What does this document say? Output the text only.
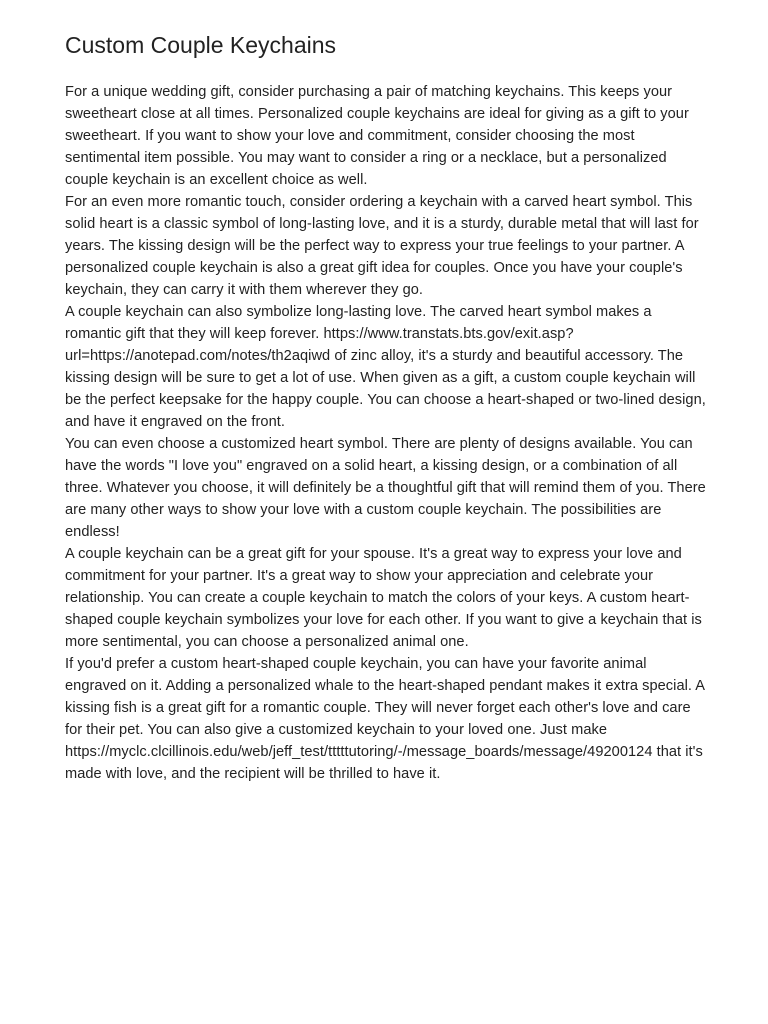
Custom Couple Keychains

For a unique wedding gift, consider purchasing a pair of matching keychains. This keeps your sweetheart close at all times. Personalized couple keychains are ideal for giving as a gift to your sweetheart. If you want to show your love and commitment, consider choosing the most sentimental item possible. You may want to consider a ring or a necklace, but a personalized couple keychain is an excellent choice as well.

For an even more romantic touch, consider ordering a keychain with a carved heart symbol. This solid heart is a classic symbol of long-lasting love, and it is a sturdy, durable metal that will last for years. The kissing design will be the perfect way to express your true feelings to your partner. A personalized couple keychain is also a great gift idea for couples. Once you have your couple's keychain, they can carry it with them wherever they go.

A couple keychain can also symbolize long-lasting love. The carved heart symbol makes a romantic gift that they will keep forever. https://www.transtats.bts.gov/exit.asp?url=https://anotepad.com/notes/th2aqiwd of zinc alloy, it's a sturdy and beautiful accessory. The kissing design will be sure to get a lot of use. When given as a gift, a custom couple keychain will be the perfect keepsake for the happy couple. You can choose a heart-shaped or two-lined design, and have it engraved on the front.

You can even choose a customized heart symbol. There are plenty of designs available. You can have the words "I love you" engraved on a solid heart, a kissing design, or a combination of all three. Whatever you choose, it will definitely be a thoughtful gift that will remind them of you. There are many other ways to show your love with a custom couple keychain. The possibilities are endless!

A couple keychain can be a great gift for your spouse. It's a great way to express your love and commitment for your partner. It's a great way to show your appreciation and celebrate your relationship. You can create a couple keychain to match the colors of your keys. A custom heart-shaped couple keychain symbolizes your love for each other. If you want to give a keychain that is more sentimental, you can choose a personalized animal one.

If you'd prefer a custom heart-shaped couple keychain, you can have your favorite animal engraved on it. Adding a personalized whale to the heart-shaped pendant makes it extra special. A kissing fish is a great gift for a romantic couple. They will never forget each other's love and care for their pet. You can also give a customized keychain to your loved one. Just make https://myclc.clcillinois.edu/web/jeff_test/tttttutoring/-/message_boards/message/49200124 that it's made with love, and the recipient will be thrilled to have it.
